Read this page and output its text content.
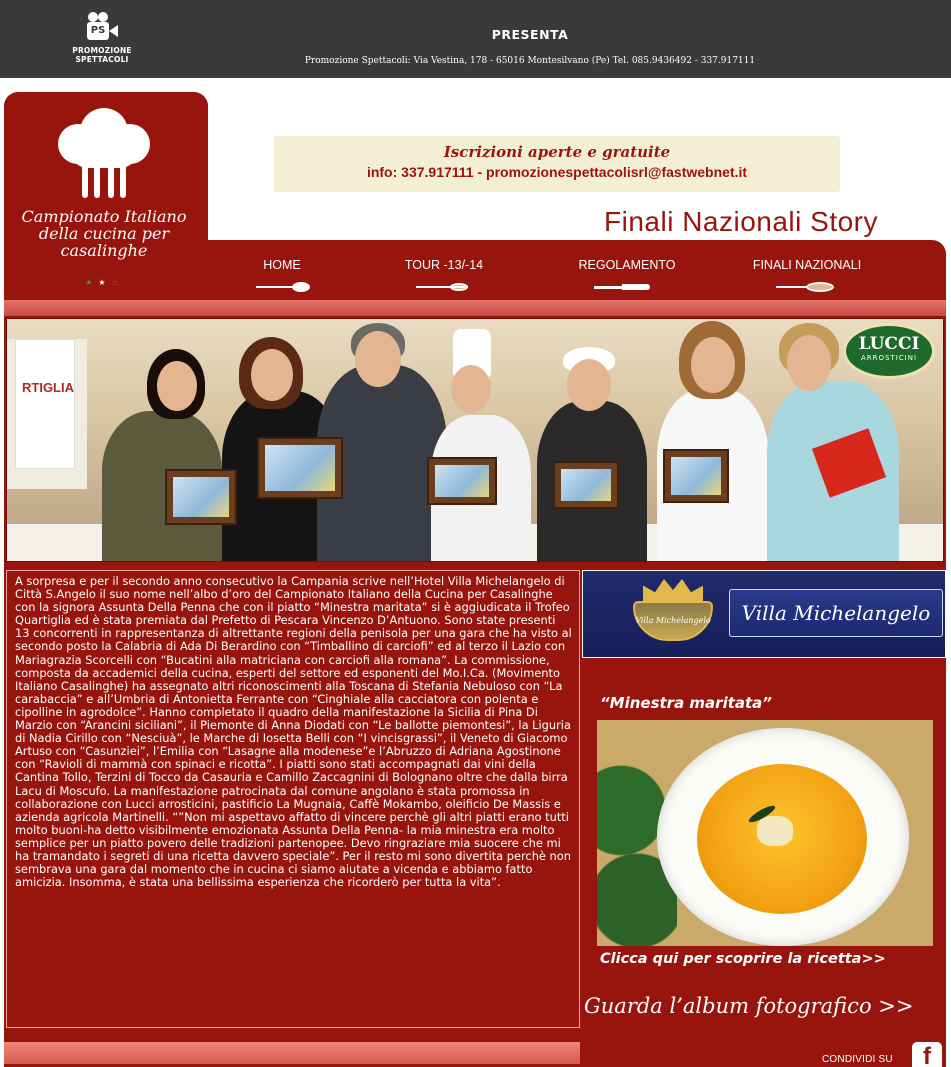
PS
PROMOZIONE
SPETTACOLI
PRESENTA
Promozione Spettacoli: Via Vestina, 178 - 65016 Montesilvano (Pe) Tel. 085.9436492 - 337.917111
Campionato Italiano
della cucina per
casalinghe
★★☆
Iscrizioni aperte e gratuite
info: 337.917111 - promozionespettacolisrl@fastwebnet.it
Finali Nazionali Story
HOME	TOUR -13/-14	REGOLAMENTO	FINALI NAZIONALI
RTIGLIA
LUCCI
ARROSTICINI
A sorpresa e per il secondo anno consecutivo la Campania scrive nell’Hotel Villa Michelangelo di Città S.Angelo il suo nome nell’albo d’oro del Campionato Italiano della Cucina per Casalinghe con la signora Assunta Della Penna che con il piatto “Minestra maritata” si è aggiudicata il Trofeo Quartiglia ed è stata premiata dal Prefetto di Pescara Vincenzo D’Antuono. Sono state presenti 13 concorrenti in rappresentanza di altrettante regioni della penisola per una gara che ha visto al secondo posto la Calabria di Ada Di Berardino con “Timballino di carciofi” ed al terzo il Lazio con Mariagrazia Scorcelli con “Bucatini alla matriciana con carciofi alla romana”. La commissione, composta da accademici della cucina, esperti del settore ed esponenti del Mo.I.Ca. (Movimento Italiano Casalinghe) ha assegnato altri riconoscimenti alla Toscana di Stefania Nebuloso con “La carabaccia” e all’Umbria di Antonietta Ferrante con “Cinghiale alla cacciatora con polenta e cipolline in agrodolce”. Hanno completato il quadro della manifestazione la Sicilia di Pina Di Marzio con “Arancini siciliani”, il Piemonte di Anna Diodati con “Le ballotte piemontesi”, la Liguria di Nadia Cirillo con “Nesciuà”, le Marche di Iosetta Belli con “I vincisgrassi”, il Veneto di Giacomo Artuso con “Casunziei”, l’Emilia con “Lasagne alla modenese”e l’Abruzzo di Adriana Agostinone con “Ravioli di mammà con spinaci e ricotta”. I piatti sono stati accompagnati dai vini della Cantina Tollo, Terzini di Tocco da Casauria e Camillo Zaccagnini di Bolognano oltre che dalla birra Lacu di Moscufo. La manifestazione patrocinata dal comune angolano è stata promossa in collaborazione con Lucci arrosticini, pastificio La Mugnaia, Caffè Mokambo, oleificio De Massis e azienda agricola Martinelli. “”Non mi aspettavo affatto di vincere perchè gli altri piatti erano tutti molto buoni-ha detto visibilmente emozionata Assunta Della Penna- la mia minestra era molto semplice per un piatto povero delle tradizioni partenopee. Devo ringraziare mia suocere che mi ha tramandato i segreti di una ricetta davvero speciale”. Per il resto mi sono divertita perchè non sembrava una gara dal momento che in cucina ci siamo aiutate a vicenda e abbiamo fatto amicizia. Insomma, è stata una bellissima esperienza che ricorderò per tutta la vita”.
Villa Michelangelo	Villa Michelangelo
“Minestra maritata”
Clicca qui per scoprire la ricetta>>
Guarda l’album fotografico >>
CONDIVIDI SU	f
